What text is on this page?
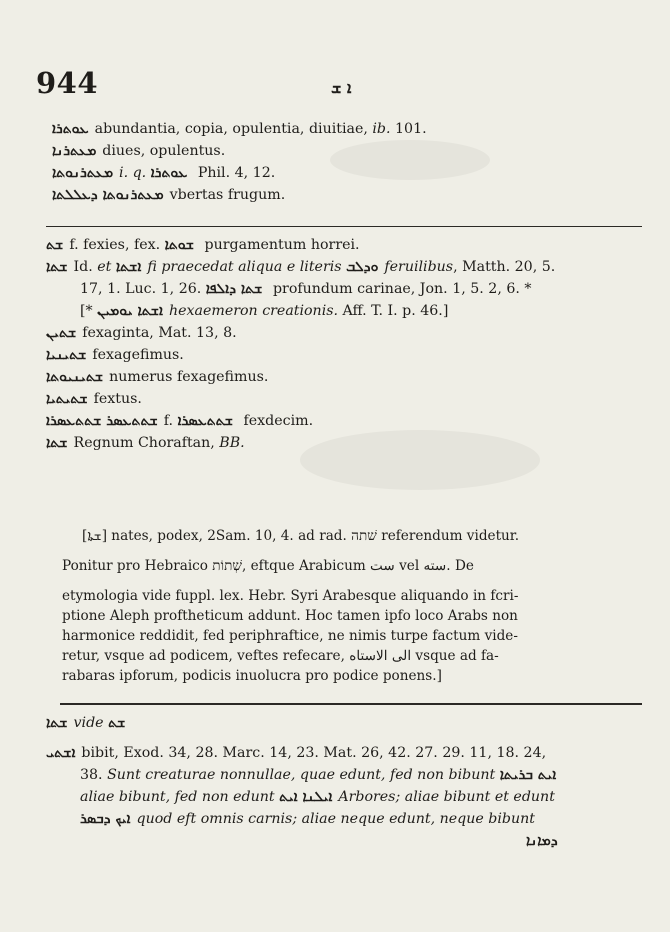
944	ܐ ܫ
ܥܘܬܪܐ abundantia, copia, opulentia, diuitiae, ib. 101.
ܡܥܬܪܢܐ diues, opulentus.
ܡܥܬܪܢܘܬܐ i. q. ܥܘܬܪܐ Phil. 4, 12.
ܡܥܬܪܢܘܬܐ ܕܥܠܠܬܐ vbertas frugum.
ܫܬ f. fexies, fex. ܫܘܬܐ purgamentum horrei.
ܫܬܐ Id. et ܐܫܬܐ fi praecedat aliqua e literis ܘܕܠܒ feruilibus, Matth. 20, 5.
17, 1. Luc. 1, 26. ܫܬܐ ܕܐܠܦܐ profundum carinae, Jon. 1, 5. 2, 6. *
[* ܐܫܬܐ ܝܘܡܝܢ hexaemeron creationis. Aff. T. I. p. 46.]
ܫܬܝܢ fexaginta, Mat. 13, 8.
ܫܬܝܢܝܐ fexagefimus.
ܫܬܝܢܝܘܬܐ numerus fexagefimus.
ܫܬܝܬܝܐ fextus.
ܫܬܬܥܣܪ ܫܬܬܥܣܪܐ f. ܫܬܬܥܣܪܐ fexdecim.
ܫܬܐ Regnum Choraftan, BB.
[ܫܬܐ] nates, podex, 2Sam. 10, 4. ad rad. שׁתה referendum videtur.
Ponitur pro Hebraico שְׁתוֹת, eftque Arabicum ‎ﺳﺖ‎ vel ‎ﺳﺘﻪ‎. De
etymologia vide fuppl. lex. Hebr. Syri Arabesque aliquando in fcri-
ptione Aleph proftheticum addunt. Hoc tamen ipfo loco Arabs non
harmonice reddidit, fed periphraftice, ne nimis turpe factum vide-
retur, vsque ad podicem, veftes refecare, ‎الى الاستاه‎ vsque ad fa-
rabaras ipforum, podicis inuolucra pro podice ponens.]
ܫܬܐ vide ܫܬ
ܐܫܬܝ bibit, Exod. 34, 28. Marc. 14, 23. Mat. 26, 42. 27. 29. 11, 18. 24,
38. Sunt creaturae nonnullae, quae edunt, fed non bibunt ܐܝܬ ܒܪܝܬܐ
aliae bibunt, fed non edunt ܐܝܠܢܐ ܐܝܬ Arbores; aliae bibunt et edunt
ܐܝܟ ܕܒܣܪ quod eft omnis carnis; aliae neque edunt, neque bibunt
ܕܡܐܢܐ
